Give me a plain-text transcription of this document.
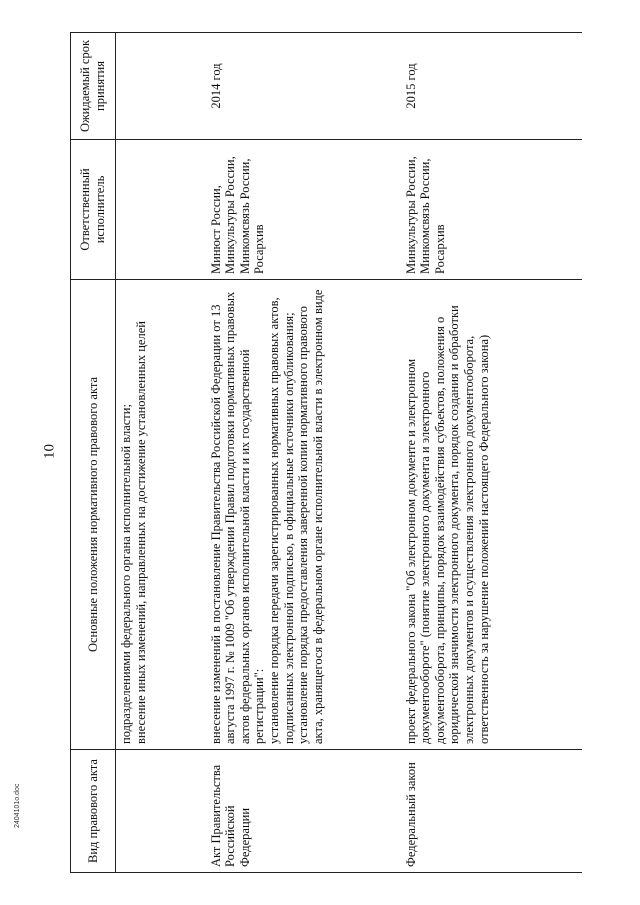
10
Вид правового акта	Основные положения нормативного правового акта	Ответственный исполнитель	Ожидаемый срок принятия

	подразделениями федерального органа исполнительной власти; внесение иных изменений, направленных на достижение установленных целей		

Акт Правительства Российской Федерации	внесение изменений в постановление Правительства Российской Федерации от 13 августа 1997 г. № 1009 "Об утверждении Правил подготовки нормативных правовых актов федеральных органов исполнительной власти и их государственной регистрации": установление порядка передачи зарегистрированных нормативных правовых актов, подписанных электронной подписью, в официальные источники опубликования; установление порядка предоставления заверенной копии нормативного правового акта, хранящегося в федеральном органе исполнительной власти в электронном виде	Минюст России, Минкультуры России, Минкомсвязь России, Росархив	2014 год
Федеральный закон	проект федерального закона "Об электронном документе и электронном документообороте" (понятие электронного документа и электронного документооборота, принципы, порядок взаимодействия субъектов, положения о юридической значимости электронного документа, порядок создания и обработки электронных документов и осуществления электронного документооборота, ответственность за нарушение положений настоящего Федерального закона)	Минкультуры России, Минкомсвязь России, Росархив	2015 год
2404101o.doc
